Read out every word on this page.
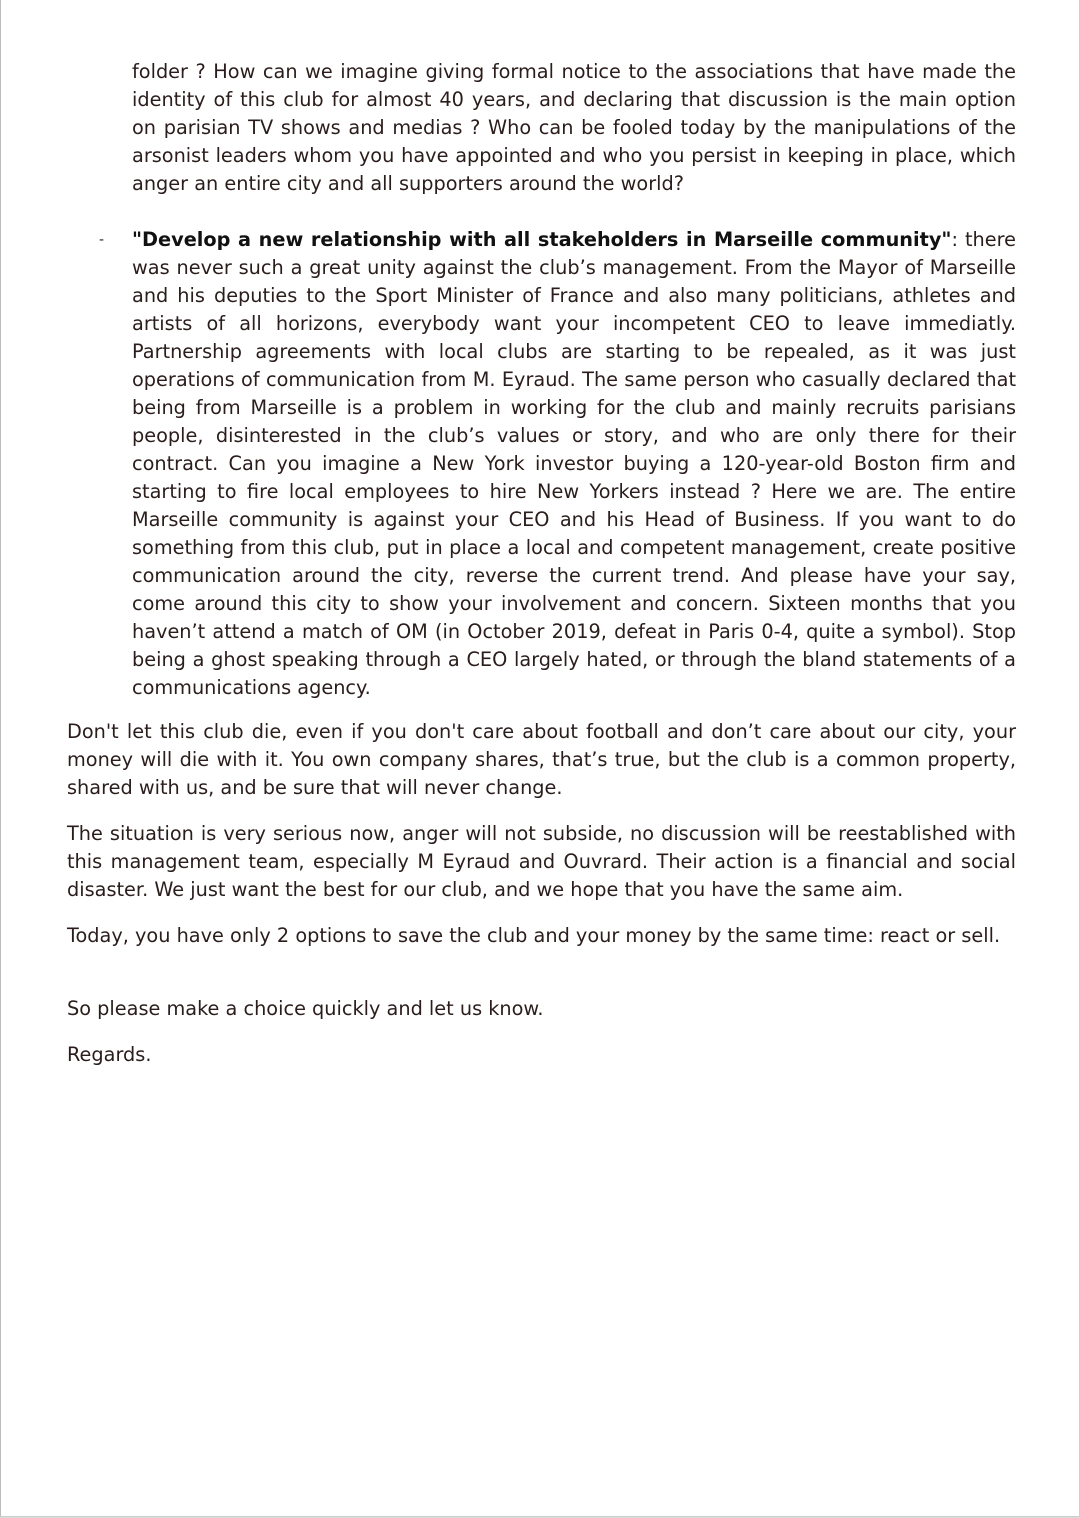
folder ? How can we imagine giving formal notice to the associations that have made the identity of this club for almost 40 years, and declaring that discussion is the main option on parisian TV shows and medias ? Who can be fooled today by the manipulations of the arsonist leaders whom you have appointed and who you persist in keeping in place, which anger an entire city and all supporters around the world?
- "Develop a new relationship with all stakeholders in Marseille community": there was never such a great unity against the club’s management. From the Mayor of Marseille and his deputies to the Sport Minister of France and also many politicians, athletes and artists of all horizons, everybody want your incompetent CEO to leave immediatly. Partnership agreements with local clubs are starting to be repealed, as it was just operations of communication from M. Eyraud. The same person who casually declared that being from Marseille is a problem in working for the club and mainly recruits parisians people, disinterested in the club’s values or story, and who are only there for their contract. Can you imagine a New York investor buying a 120-year-old Boston firm and starting to fire local employees to hire New Yorkers instead ? Here we are. The entire Marseille community is against your CEO and his Head of Business. If you want to do something from this club, put in place a local and competent management, create positive communication around the city, reverse the current trend. And please have your say, come around this city to show your involvement and concern. Sixteen months that you haven’t attend a match of OM (in October 2019, defeat in Paris 0-4, quite a symbol). Stop being a ghost speaking through a CEO largely hated, or through the bland statements of a communications agency.
Don't let this club die, even if you don't care about football and don’t care about our city, your money will die with it. You own company shares, that’s true, but the club is a common property, shared with us, and be sure that will never change.
The situation is very serious now, anger will not subside, no discussion will be reestablished with this management team, especially M Eyraud and Ouvrard. Their action is a financial and social disaster. We just want the best for our club, and we hope that you have the same aim.
Today, you have only 2 options to save the club and your money by the same time: react or sell.
So please make a choice quickly and let us know.
Regards.
